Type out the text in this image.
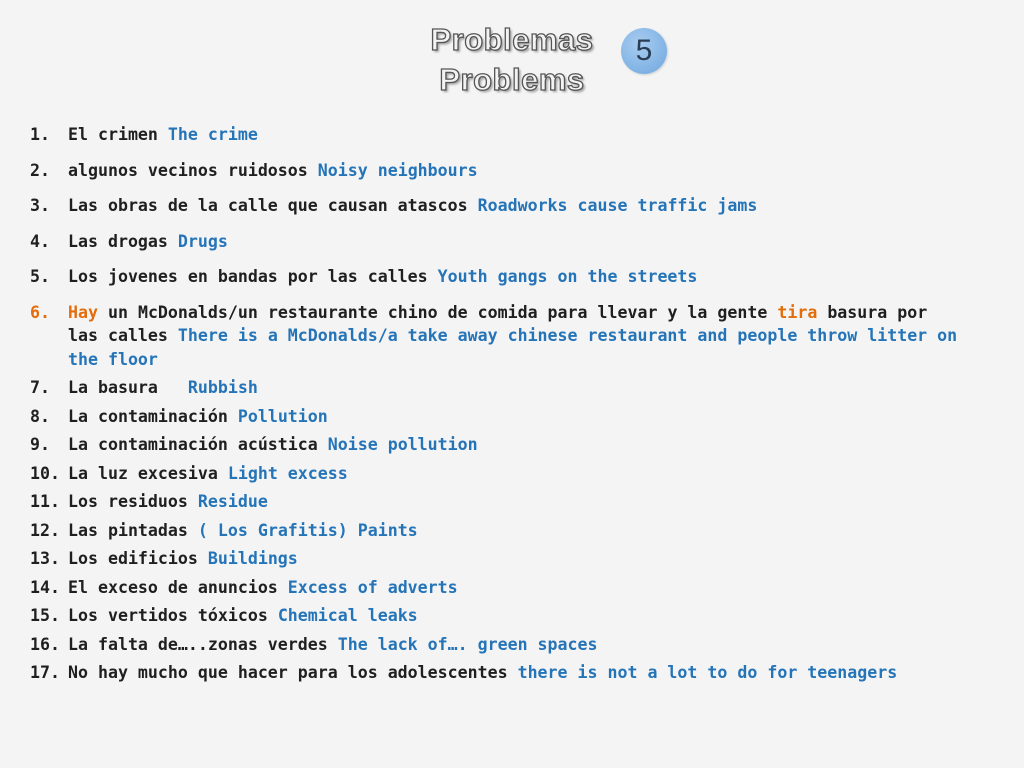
Problemas
Problems
5
1. El crimen The crime
2. algunos vecinos ruidosos Noisy neighbours
3. Las obras de la calle que causan atascos Roadworks cause traffic jams
4. Las drogas Drugs
5. Los jovenes en bandas por las calles Youth gangs on the streets
6. Hay un McDonalds/un restaurante chino de comida para llevar y la gente tira basura por las calles There is a McDonalds/a take away chinese restaurant and people throw litter on the floor
7. La basura   Rubbish
8. La contaminación Pollution
9. La contaminación acústica Noise pollution
10. La luz excesiva Light excess
11. Los residuos Residue
12. Las pintadas ( Los Grafitis) Paints
13. Los edificios Buildings
14. El exceso de anuncios Excess of adverts
15. Los vertidos tóxicos Chemical leaks
16. La falta de…..zonas verdes The lack of…. green spaces
17. No hay mucho que hacer para los adolescentes there is not a lot to do for teenagers
